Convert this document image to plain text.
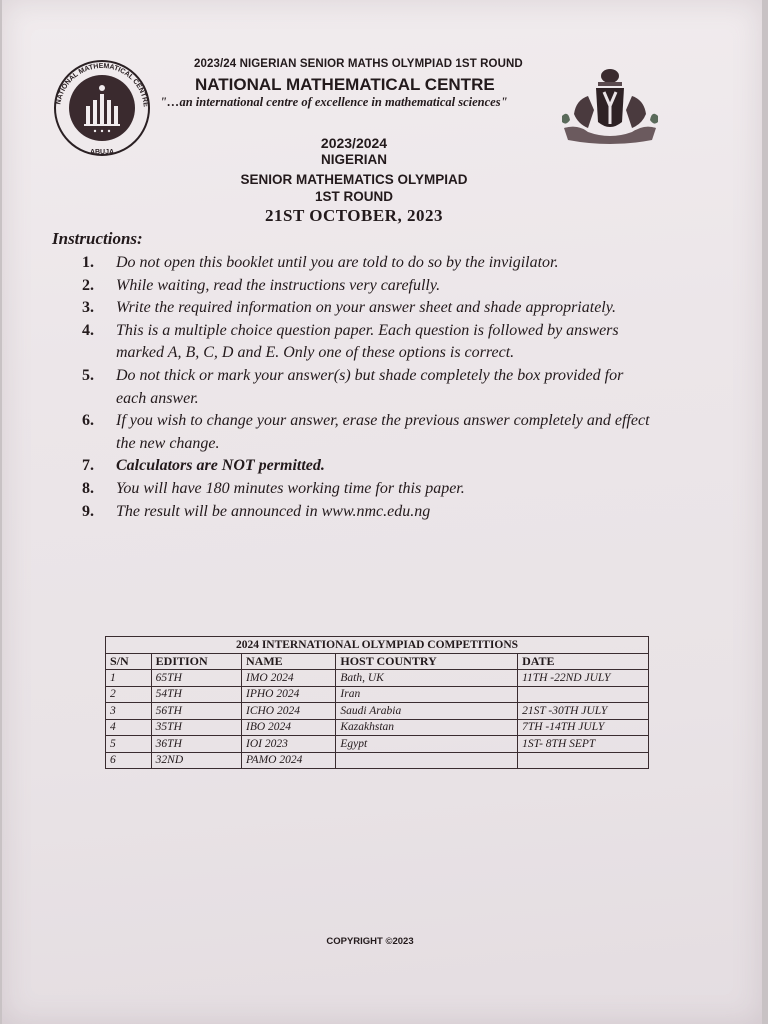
NATIONAL MATHEMATICAL CENTRE
ABUJA
2023/24 NIGERIAN SENIOR MATHS OLYMPIAD 1ST ROUND
NATIONAL MATHEMATICAL CENTRE
"…an international centre of excellence in mathematical sciences"
2023/2024
NIGERIAN
SENIOR MATHEMATICS OLYMPIAD
1ST ROUND
21ST OCTOBER, 2023
Instructions:
1. Do not open this booklet until you are told to do so by the invigilator.
2. While waiting, read the instructions very carefully.
3. Write the required information on your answer sheet and shade appropriately.
4. This is a multiple choice question paper. Each question is followed by answers marked A, B, C, D and E. Only one of these options is correct.
5. Do not thick or mark your answer(s) but shade completely the box provided for each answer.
6. If you wish to change your answer, erase the previous answer completely and effect the new change.
7. Calculators are NOT permitted.
8. You will have 180 minutes working time for this paper.
9. The result will be announced in www.nmc.edu.ng
2024 INTERNATIONAL OLYMPIAD COMPETITIONS				
S/N	EDITION	NAME	HOST COUNTRY	DATE
1	65TH	IMO 2024	Bath, UK	11TH -22ND JULY
2	54TH	IPHO 2024	Iran	
3	56TH	ICHO 2024	Saudi Arabia	21ST -30TH JULY
4	35TH	IBO 2024	Kazakhstan	7TH -14TH JULY
5	36TH	IOI 2023	Egypt	1ST- 8TH SEPT
6	32ND	PAMO 2024		
COPYRIGHT ©2023
